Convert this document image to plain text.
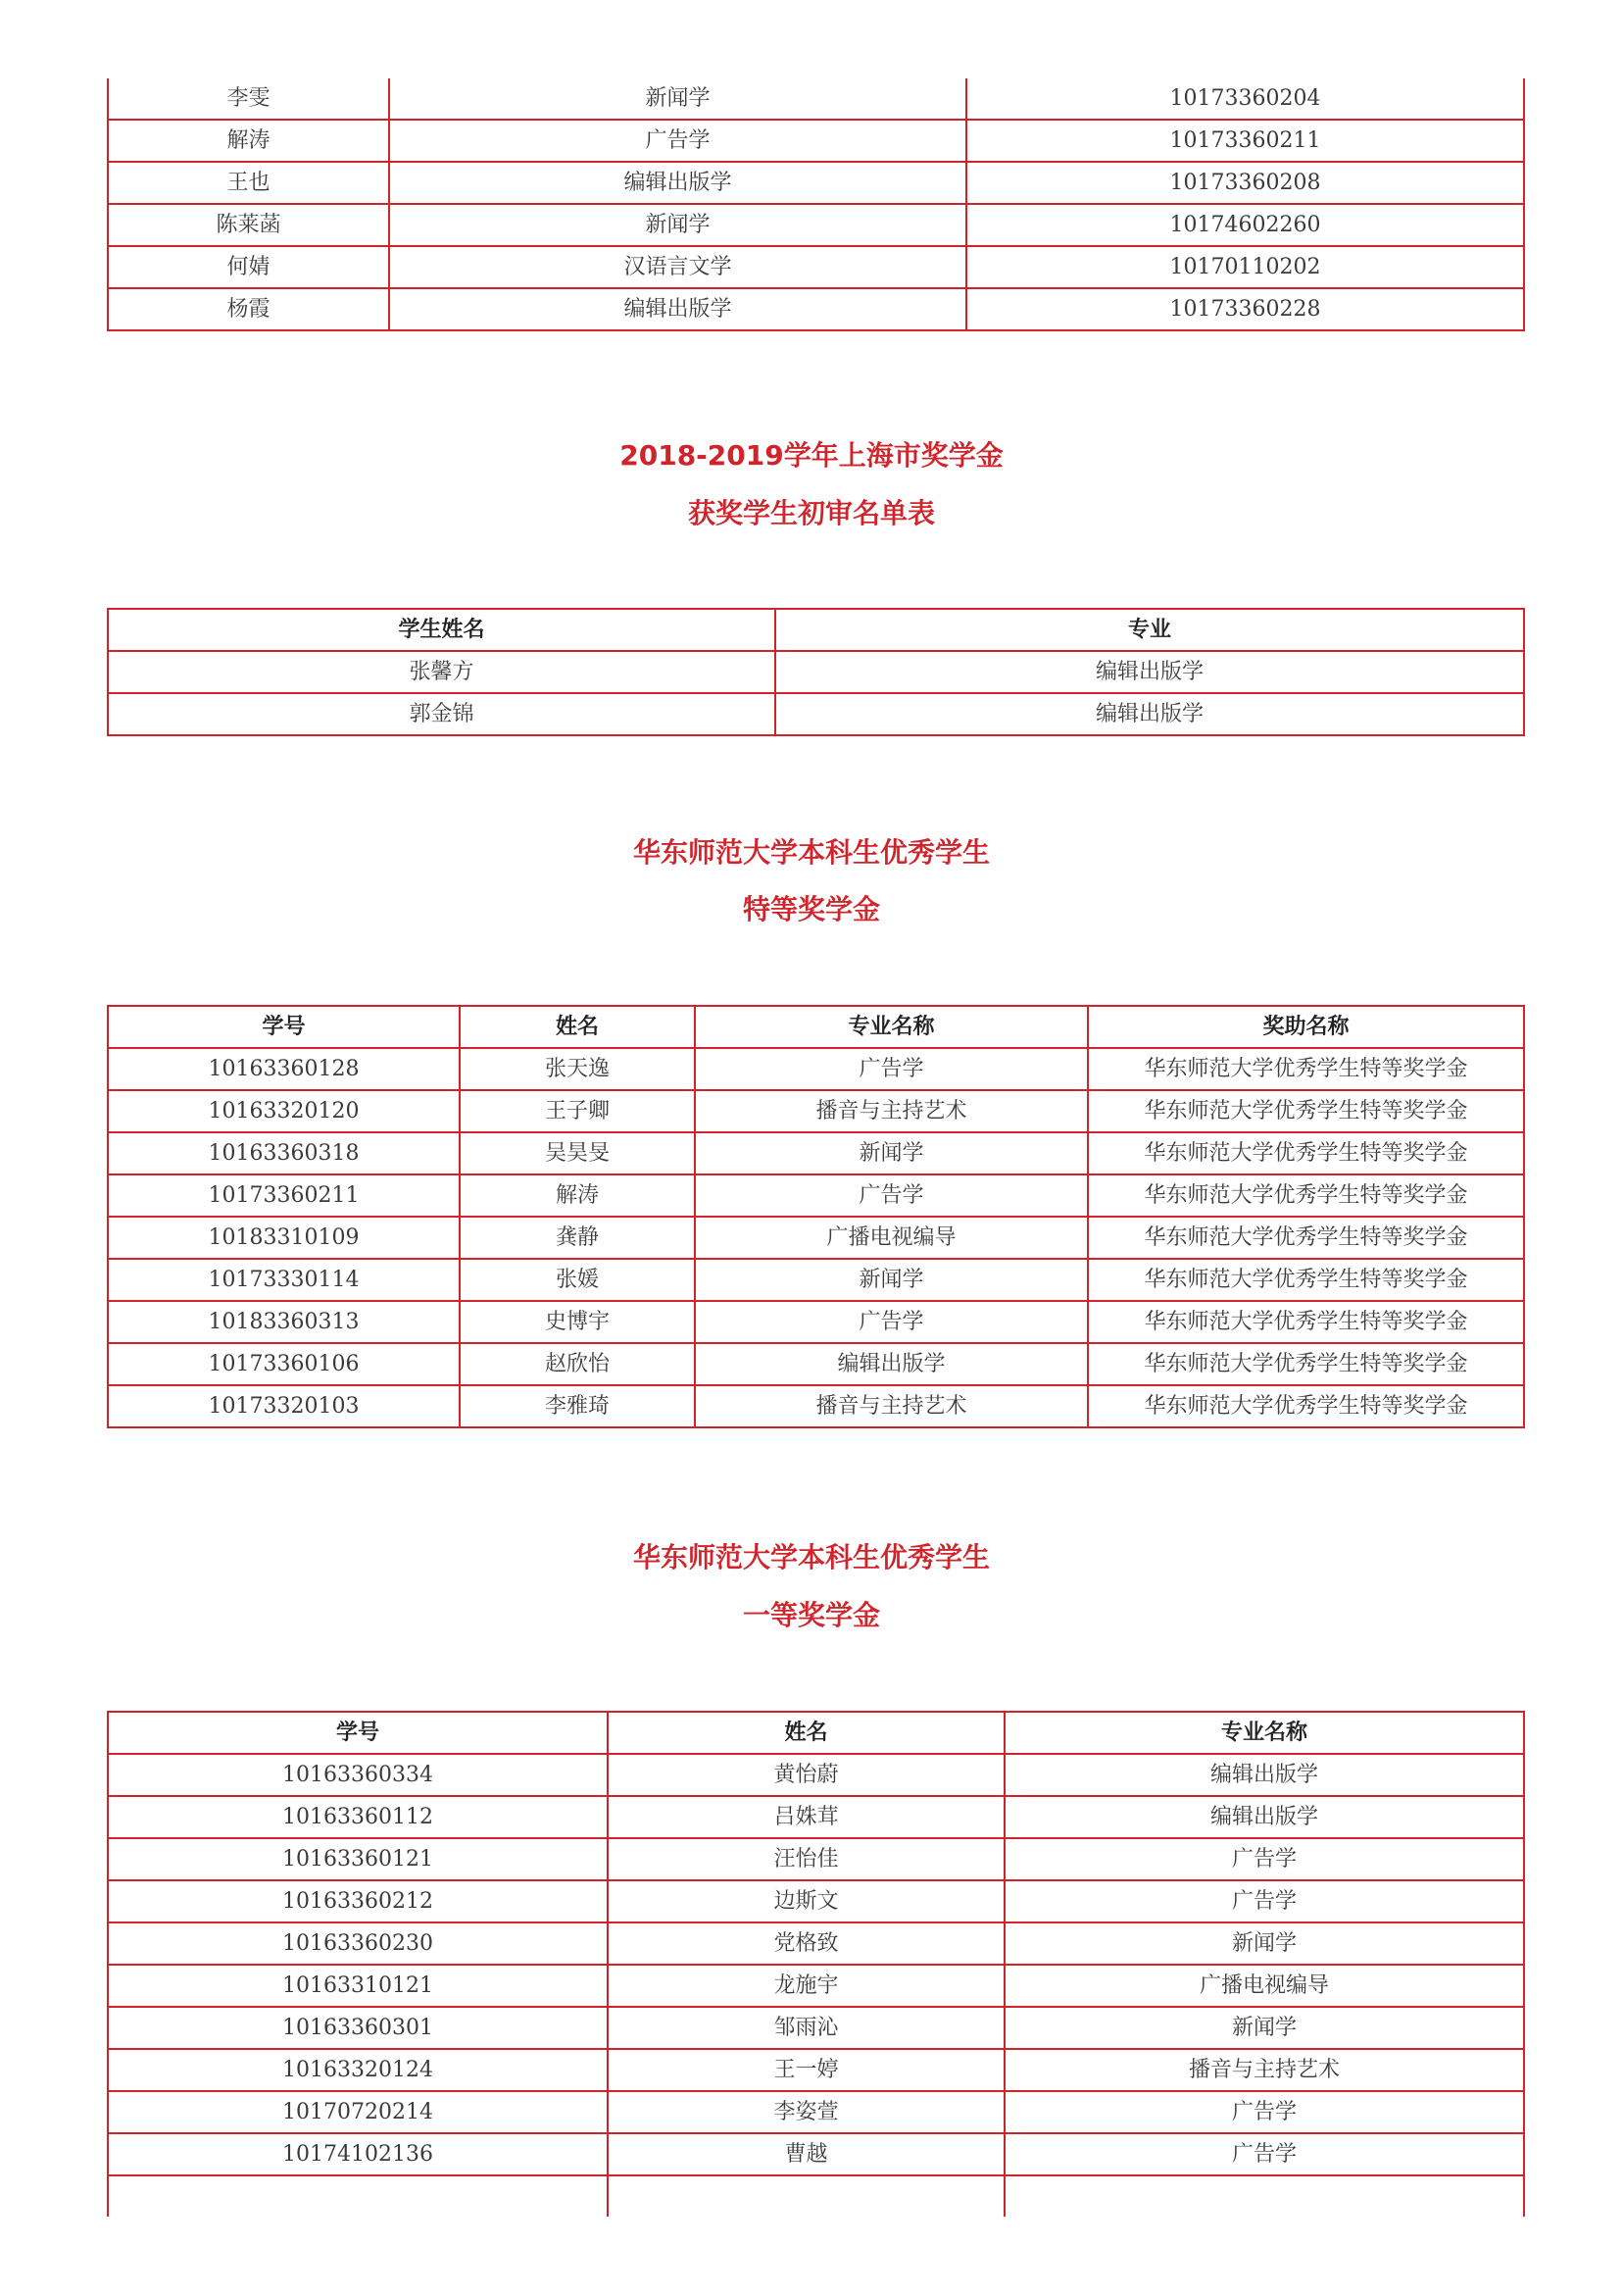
李雯	新闻学	10173360204
解涛	广告学	10173360211
王也	编辑出版学	10173360208
陈莱菡	新闻学	10174602260
何婧	汉语言文学	10170110202
杨霞	编辑出版学	10173360228
2018-2019学年上海市奖学金
获奖学生初审名单表
学生姓名	专业
张馨方	编辑出版学
郭金锦	编辑出版学
华东师范大学本科生优秀学生
特等奖学金
学号	姓名	专业名称	奖助名称
10163360128	张天逸	广告学	华东师范大学优秀学生特等奖学金
10163320120	王子卿	播音与主持艺术	华东师范大学优秀学生特等奖学金
10163360318	吴昊旻	新闻学	华东师范大学优秀学生特等奖学金
10173360211	解涛	广告学	华东师范大学优秀学生特等奖学金
10183310109	龚静	广播电视编导	华东师范大学优秀学生特等奖学金
10173330114	张媛	新闻学	华东师范大学优秀学生特等奖学金
10183360313	史博宇	广告学	华东师范大学优秀学生特等奖学金
10173360106	赵欣怡	编辑出版学	华东师范大学优秀学生特等奖学金
10173320103	李雅琦	播音与主持艺术	华东师范大学优秀学生特等奖学金
华东师范大学本科生优秀学生
一等奖学金
学号	姓名	专业名称
10163360334	黄怡蔚	编辑出版学
10163360112	吕姝茸	编辑出版学
10163360121	汪怡佳	广告学
10163360212	边斯文	广告学
10163360230	党格致	新闻学
10163310121	龙施宇	广播电视编导
10163360301	邹雨沁	新闻学
10163320124	王一婷	播音与主持艺术
10170720214	李姿萱	广告学
10174102136	曹越	广告学
